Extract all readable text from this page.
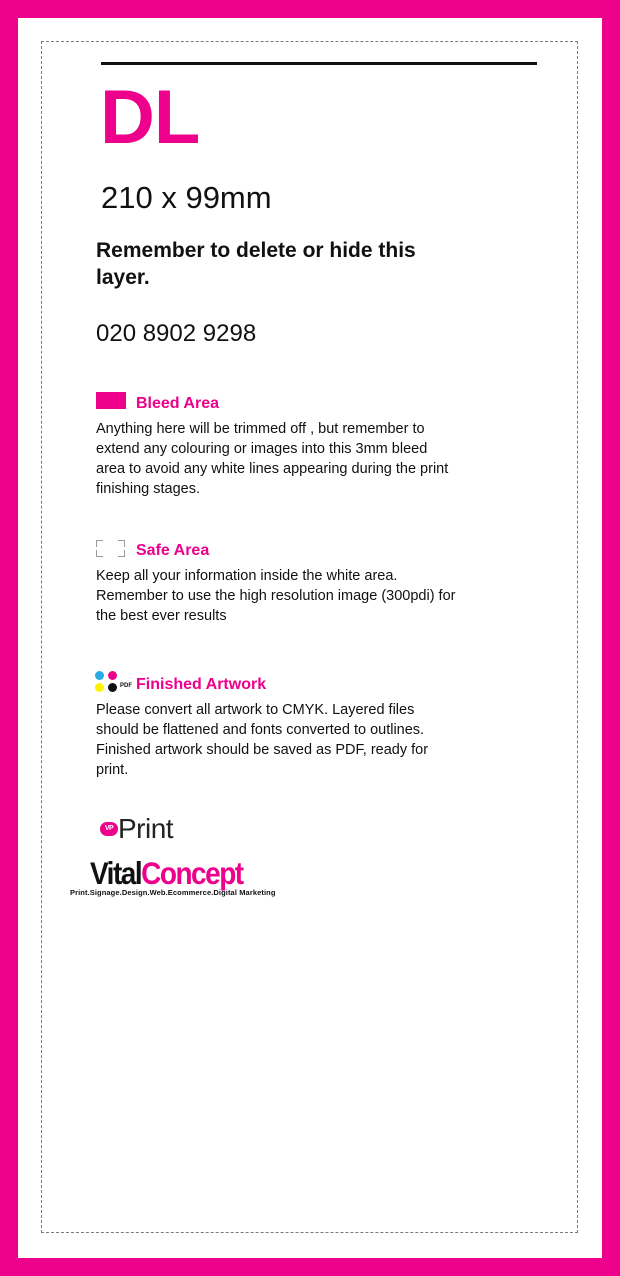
DL
210 x 99mm
Remember to delete or hide this layer.
020 8902 9298
Bleed Area
Anything here will be trimmed off , but remember to extend any colouring or images into this 3mm bleed area to avoid any white lines appearing during the print finishing stages.
Safe Area
Keep all your information inside the white area. Remember to use the high resolution image (300pdi) for the best ever results
PDF Finished Artwork
Please convert all artwork to CMYK. Layered files should be flattened and fonts converted to outlines. Finished artwork should be saved as PDF, ready for print.
VP Print
VitalConcept
Print.Signage.Design.Web.Ecommerce.Digital Marketing
